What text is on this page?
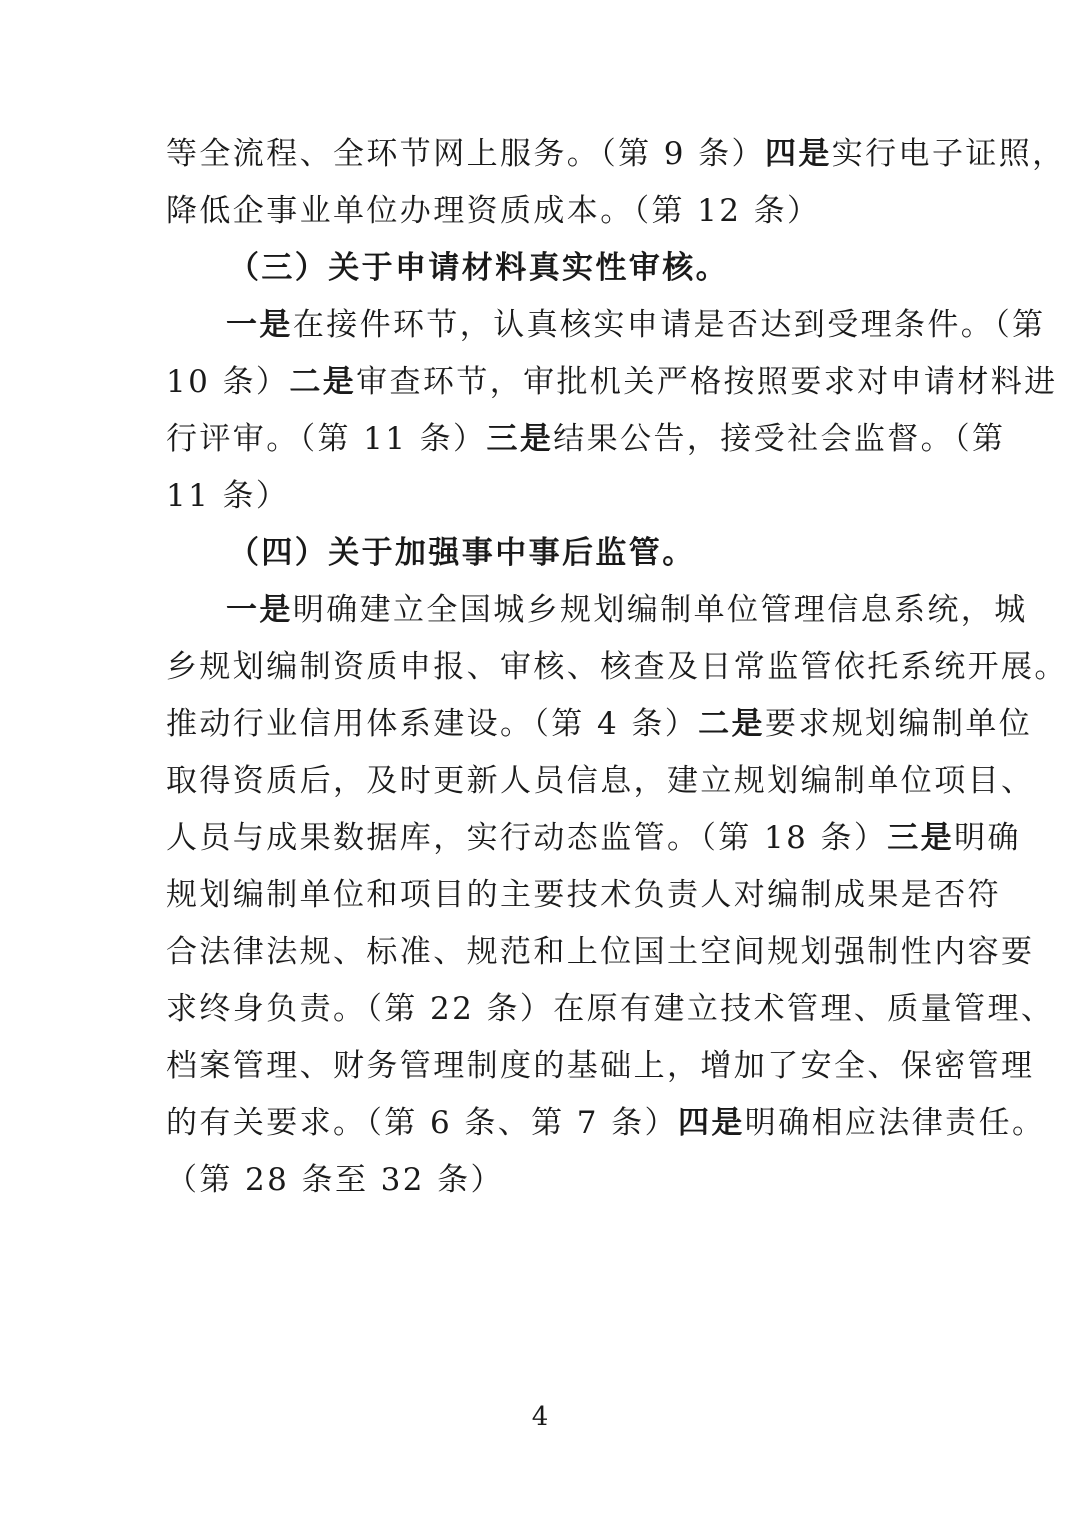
等全流程、全环节网上服务。（第 9 条）四是实行电子证照，
降低企事业单位办理资质成本。（第 12 条）
（三）关于申请材料真实性审核。
一是在接件环节，认真核实申请是否达到受理条件。（第
10 条）二是审查环节，审批机关严格按照要求对申请材料进
行评审。（第 11 条）三是结果公告，接受社会监督。（第
11 条）
（四）关于加强事中事后监管。
一是明确建立全国城乡规划编制单位管理信息系统，城
乡规划编制资质申报、审核、核查及日常监管依托系统开展。
推动行业信用体系建设。（第 4 条）二是要求规划编制单位
取得资质后，及时更新人员信息，建立规划编制单位项目、
人员与成果数据库，实行动态监管。（第 18 条）三是明确
规划编制单位和项目的主要技术负责人对编制成果是否符
合法律法规、标准、规范和上位国土空间规划强制性内容要
求终身负责。（第 22 条）在原有建立技术管理、质量管理、
档案管理、财务管理制度的基础上，增加了安全、保密管理
的有关要求。（第 6 条、第 7 条）四是明确相应法律责任。
（第 28 条至 32 条）
4
